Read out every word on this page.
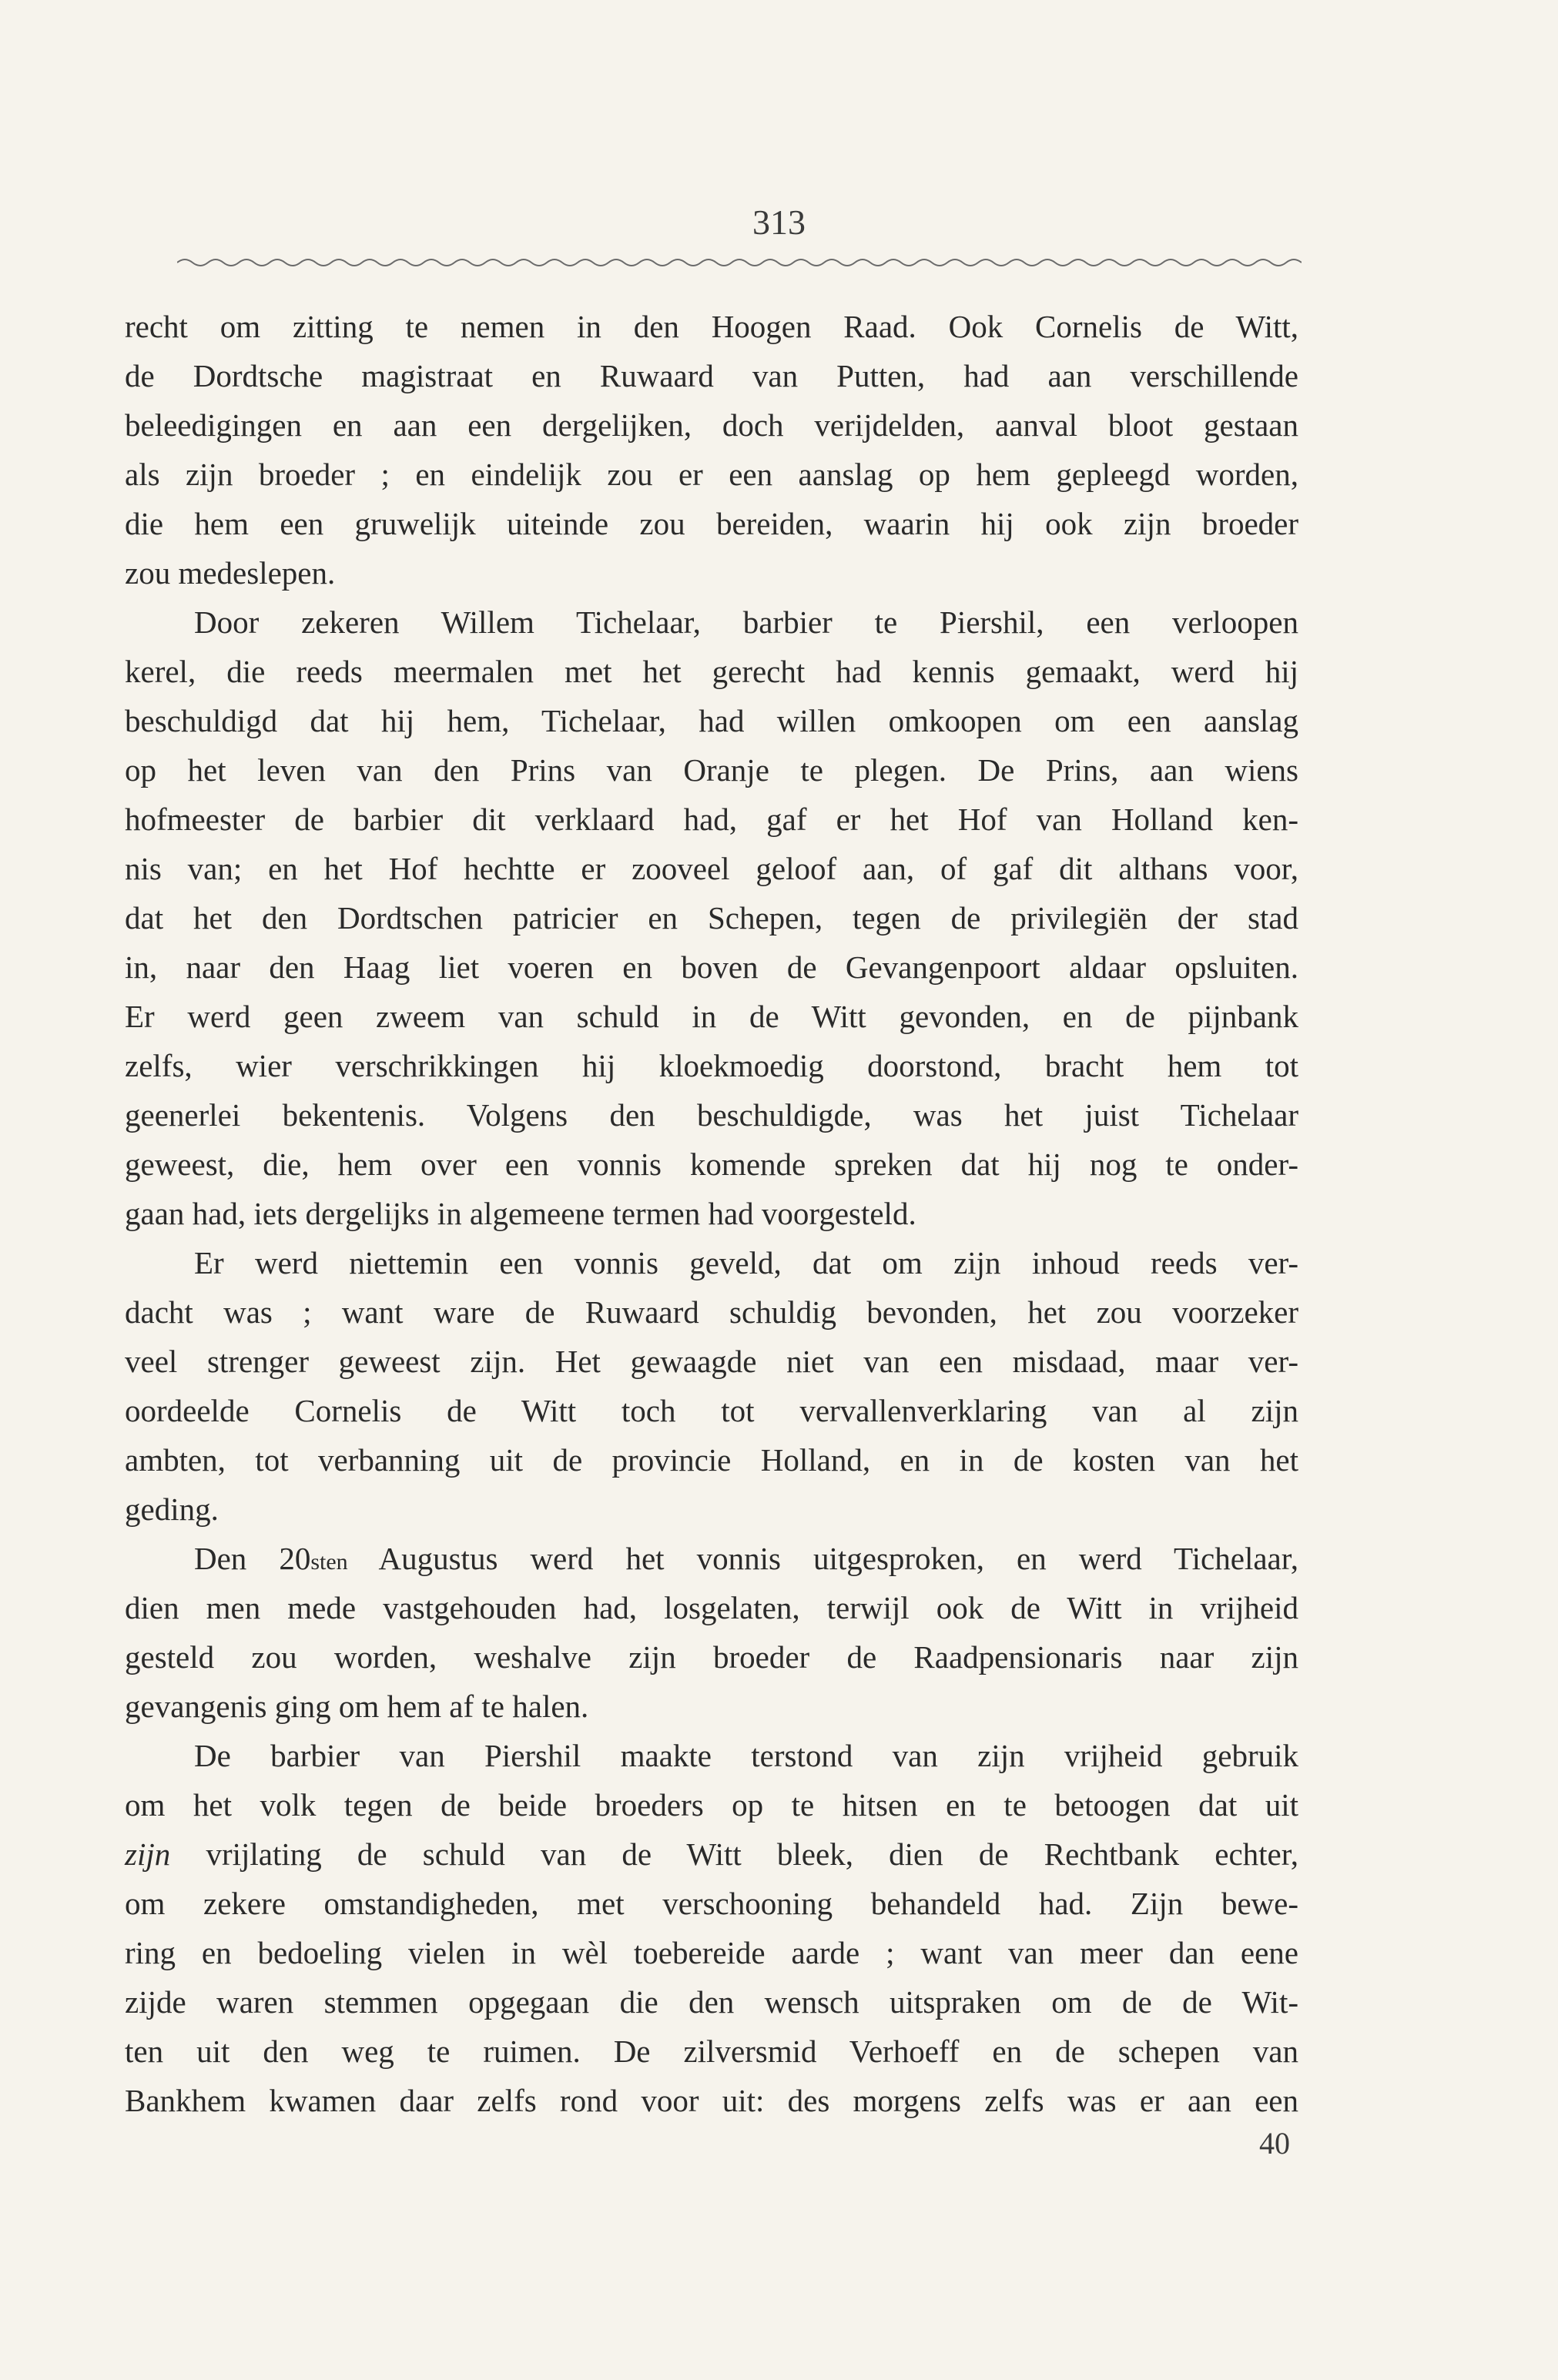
313
recht om zitting te nemen in den Hoogen Raad. Ook Cornelis de Witt,
de Dordtsche magistraat en Ruwaard van Putten, had aan verschillende
beleedigingen en aan een dergelijken, doch verijdelden, aanval bloot gestaan
als zijn broeder ; en eindelijk zou er een aanslag op hem gepleegd worden,
die hem een gruwelijk uiteinde zou bereiden, waarin hij ook zijn broeder
zou medeslepen.
Door zekeren Willem Tichelaar, barbier te Piershil, een verloopen
kerel, die reeds meermalen met het gerecht had kennis gemaakt, werd hij
beschuldigd dat hij hem, Tichelaar, had willen omkoopen om een aanslag
op het leven van den Prins van Oranje te plegen. De Prins, aan wiens
hofmeester de barbier dit verklaard had, gaf er het Hof van Holland ken-
nis van; en het Hof hechtte er zooveel geloof aan, of gaf dit althans voor,
dat het den Dordtschen patricier en Schepen, tegen de privilegiën der stad
in, naar den Haag liet voeren en boven de Gevangenpoort aldaar opsluiten.
Er werd geen zweem van schuld in de Witt gevonden, en de pijnbank
zelfs, wier verschrikkingen hij kloekmoedig doorstond, bracht hem tot
geenerlei bekentenis. Volgens den beschuldigde, was het juist Tichelaar
geweest, die, hem over een vonnis komende spreken dat hij nog te onder-
gaan had, iets dergelijks in algemeene termen had voorgesteld.
Er werd niettemin een vonnis geveld, dat om zijn inhoud reeds ver-
dacht was ; want ware de Ruwaard schuldig bevonden, het zou voorzeker
veel strenger geweest zijn. Het gewaagde niet van een misdaad, maar ver-
oordeelde Cornelis de Witt toch tot vervallenverklaring van al zijn
ambten, tot verbanning uit de provincie Holland, en in de kosten van het
geding.
Den 20sten Augustus werd het vonnis uitgesproken, en werd Tichelaar,
dien men mede vastgehouden had, losgelaten, terwijl ook de Witt in vrijheid
gesteld zou worden, weshalve zijn broeder de Raadpensionaris naar zijn
gevangenis ging om hem af te halen.
De barbier van Piershil maakte terstond van zijn vrijheid gebruik
om het volk tegen de beide broeders op te hitsen en te betoogen dat uit
zijn vrijlating de schuld van de Witt bleek, dien de Rechtbank echter,
om zekere omstandigheden, met verschooning behandeld had. Zijn bewe-
ring en bedoeling vielen in wèl toebereide aarde ; want van meer dan eene
zijde waren stemmen opgegaan die den wensch uitspraken om de de Wit-
ten uit den weg te ruimen. De zilversmid Verhoeff en de schepen van
Bankhem kwamen daar zelfs rond voor uit: des morgens zelfs was er aan een
40
